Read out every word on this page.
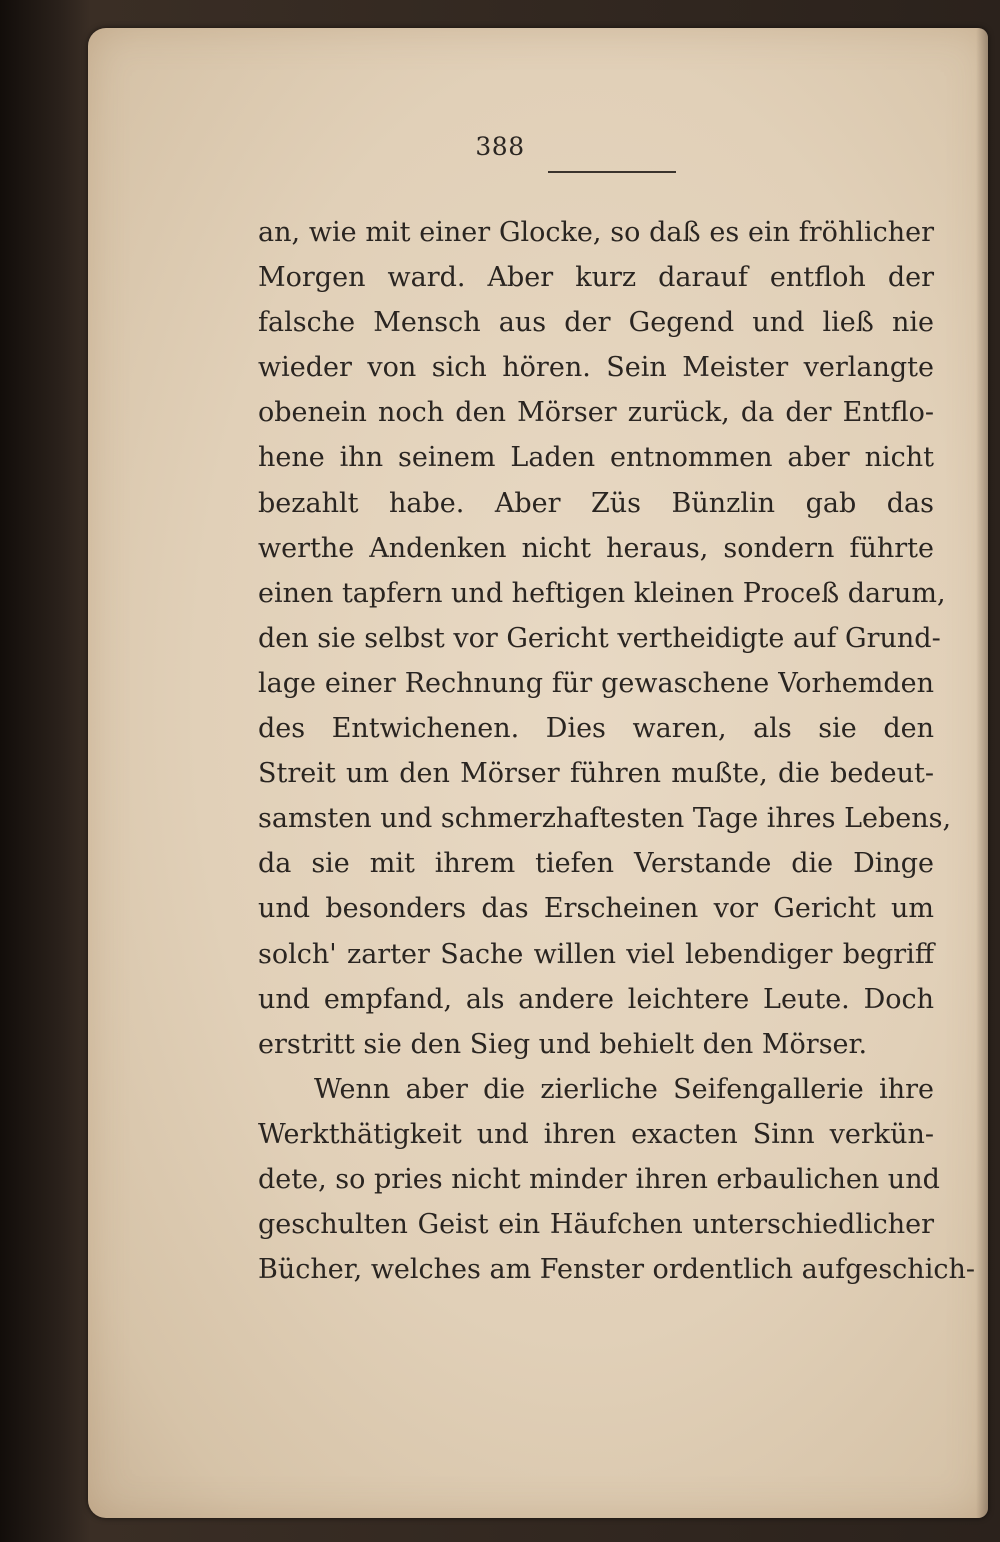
388
an, wie mit einer Glocke, so daß es ein fröhlicher
Morgen ward. Aber kurz darauf entfloh der
falsche Mensch aus der Gegend und ließ nie
wieder von sich hören. Sein Meister verlangte
obenein noch den Mörser zurück, da der Entflo-
hene ihn seinem Laden entnommen aber nicht
bezahlt habe. Aber Züs Bünzlin gab das
werthe Andenken nicht heraus, sondern führte
einen tapfern und heftigen kleinen Proceß darum,
den sie selbst vor Gericht vertheidigte auf Grund-
lage einer Rechnung für gewaschene Vorhemden
des Entwichenen. Dies waren, als sie den
Streit um den Mörser führen mußte, die bedeut-
samsten und schmerzhaftesten Tage ihres Lebens,
da sie mit ihrem tiefen Verstande die Dinge
und besonders das Erscheinen vor Gericht um
solch' zarter Sache willen viel lebendiger begriff
und empfand, als andere leichtere Leute. Doch
erstritt sie den Sieg und behielt den Mörser.
Wenn aber die zierliche Seifengallerie ihre
Werkthätigkeit und ihren exacten Sinn verkün-
dete, so pries nicht minder ihren erbaulichen und
geschulten Geist ein Häufchen unterschiedlicher
Bücher, welches am Fenster ordentlich aufgeschich-
